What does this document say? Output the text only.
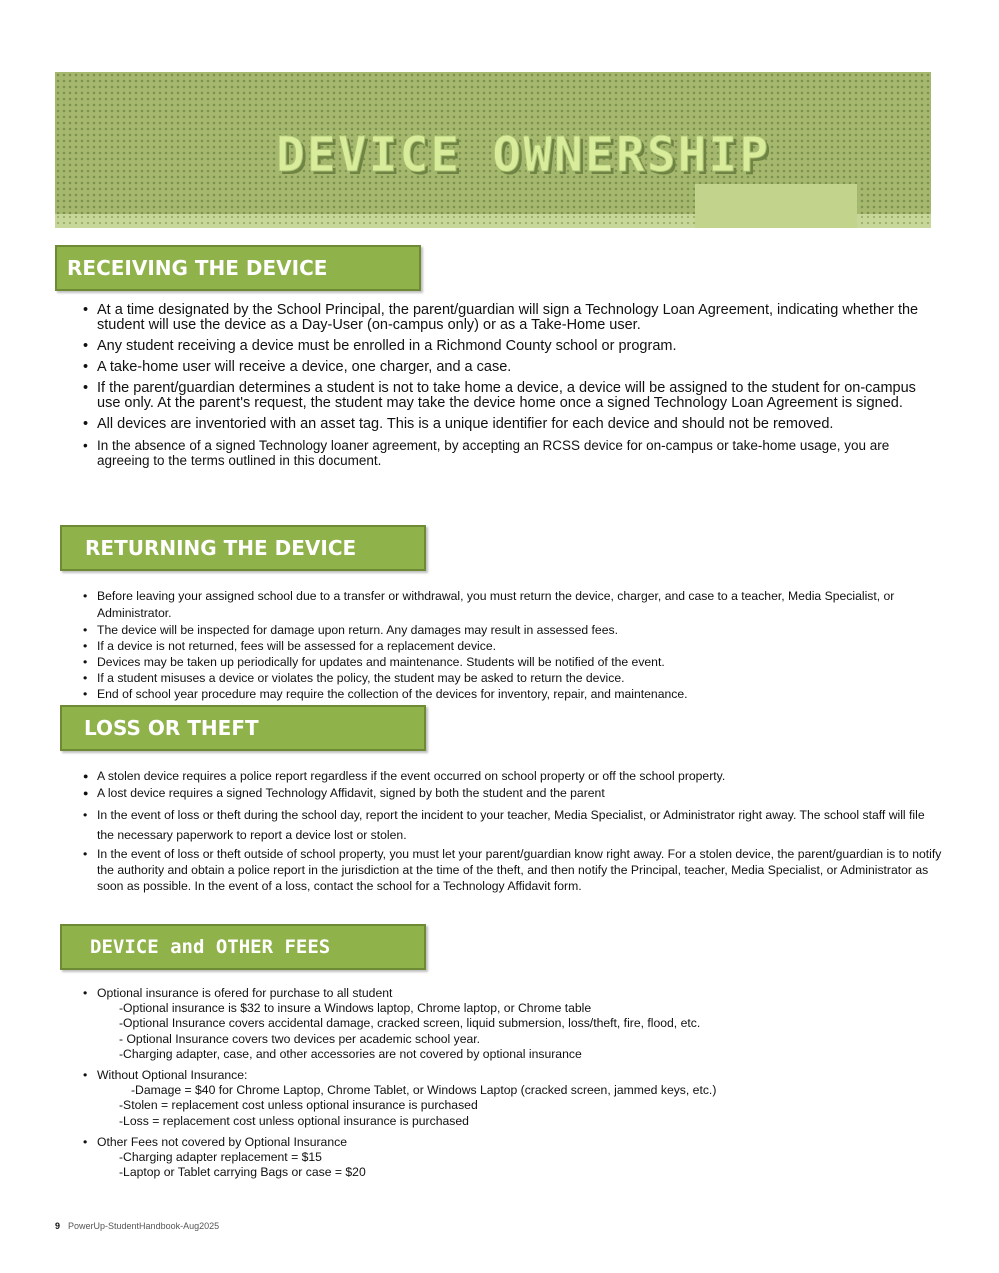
DEVICE OWNERSHIP
RECEIVING THE DEVICE
• At a time designated by the School Principal, the parent/guardian will sign a Technology Loan Agreement, indicating whether the student will use the device as a Day-User (on-campus only) or as a Take-Home user.
• Any student receiving a device must be enrolled in a Richmond County school or program.
• A take-home user will receive a device, one charger, and a case.
• If the parent/guardian determines a student is not to take home a device, a device will be assigned to the student for on-campus use only. At the parent's request, the student may take the device home once a signed Technology Loan Agreement is signed.
• All devices are inventoried with an asset tag. This is a unique identifier for each device and should not be removed.
• In the absence of a signed Technology loaner agreement, by accepting an RCSS device for on-campus or take-home usage, you are agreeing to the terms outlined in this document.
RETURNING THE DEVICE
• Before leaving your assigned school due to a transfer or withdrawal, you must return the device, charger, and case to a teacher, Media Specialist, or Administrator.
• The device will be inspected for damage upon return. Any damages may result in assessed fees.
• If a device is not returned, fees will be assessed for a replacement device.
• Devices may be taken up periodically for updates and maintenance. Students will be notified of the event.
• If a student misuses a device or violates the policy, the student may be asked to return the device.
• End of school year procedure may require the collection of the devices for inventory, repair, and maintenance.
LOSS OR THEFT
● A stolen device requires a police report regardless if the event occurred on school property or off the school property.
● A lost device requires a signed Technology Affidavit, signed by both the student and the parent
• In the event of loss or theft during the school day, report the incident to your teacher, Media Specialist, or Administrator right away. The school staff will file the necessary paperwork to report a device lost or stolen.
• In the event of loss or theft outside of school property, you must let your parent/guardian know right away. For a stolen device, the parent/guardian is to notify the authority and obtain a police report in the jurisdiction at the time of the theft, and then notify the Principal, teacher, Media Specialist, or Administrator as soon as possible. In the event of a loss, contact the school for a Technology Affidavit form.
DEVICE and OTHER FEES
• Optional insurance is ofered for purchase to all student
-Optional insurance is $32 to insure a Windows laptop, Chrome laptop, or Chrome table
-Optional Insurance covers accidental damage, cracked screen, liquid submersion, loss/theft, fire, flood, etc.
- Optional Insurance covers two devices per academic school year.
-Charging adapter, case, and other accessories are not covered by optional insurance
• Without Optional Insurance:
-Damage = $40 for Chrome Laptop, Chrome Tablet, or Windows Laptop (cracked screen, jammed keys, etc.)
-Stolen = replacement cost unless optional insurance is purchased
-Loss = replacement cost unless optional insurance is purchased
• Other Fees not covered by Optional Insurance
-Charging adapter replacement = $15
-Laptop or Tablet carrying Bags or case = $20
9 PowerUp-StudentHandbook-Aug2025
